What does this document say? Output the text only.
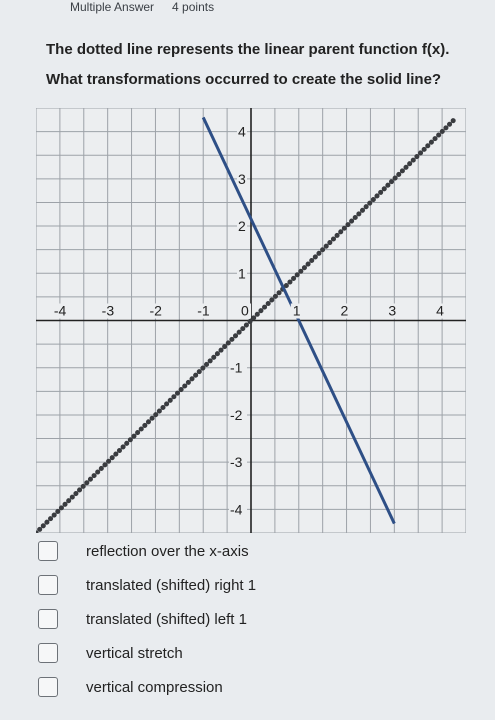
Multiple Answer 4 points

The dotted line represents the linear parent function f(x).

What transformations occurred to create the solid line?

-4	-3	-2	-1 0	1	2	3	4
-4
-3
-2
-1
1
2
3
4
reflection over the x-axis
translated (shifted) right 1
translated (shifted) left 1
vertical stretch
vertical compression
